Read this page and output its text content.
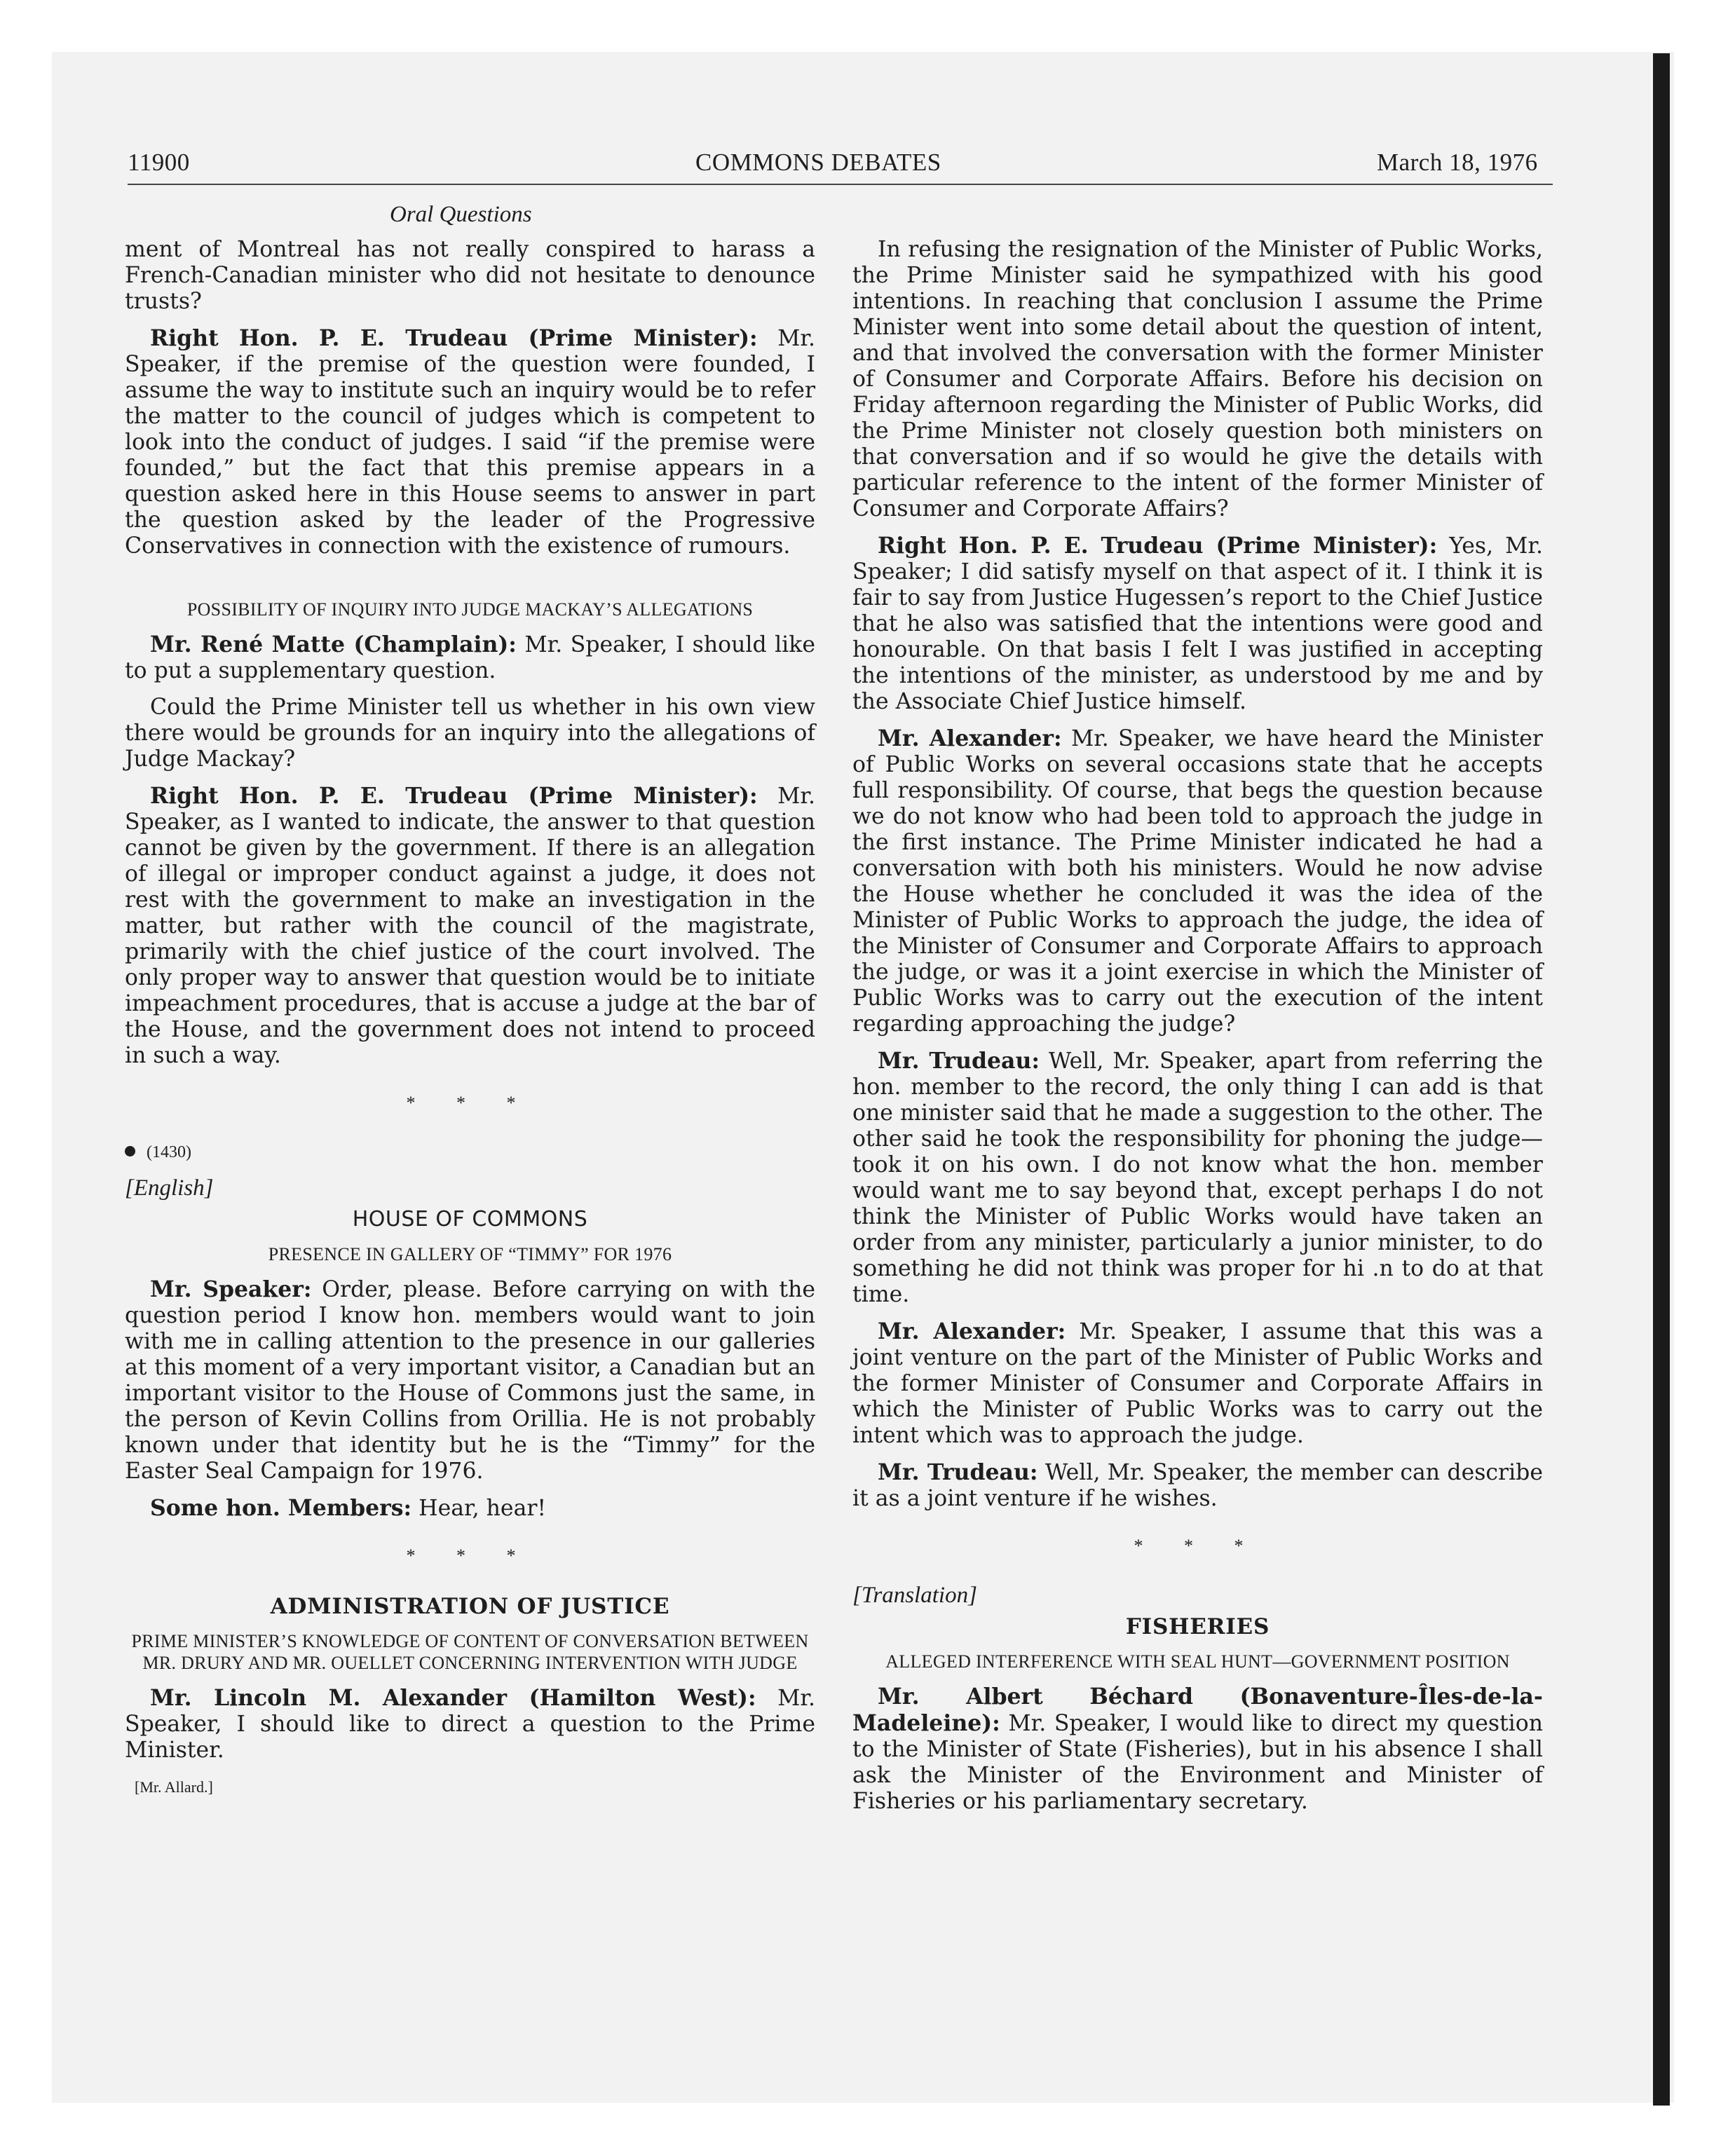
11900	COMMONS DEBATES	March 18, 1976
Oral Questions

ment of Montreal has not really conspired to harass a French-Canadian minister who did not hesitate to denounce trusts?

Right Hon. P. E. Trudeau (Prime Minister): Mr. Speaker, if the premise of the question were founded, I assume the way to institute such an inquiry would be to refer the matter to the council of judges which is competent to look into the conduct of judges. I said “if the premise were founded,” but the fact that this premise appears in a question asked here in this House seems to answer in part the question asked by the leader of the Progressive Conservatives in connection with the existence of rumours.

POSSIBILITY OF INQUIRY INTO JUDGE MACKAY’S ALLEGATIONS

Mr. René Matte (Champlain): Mr. Speaker, I should like to put a supplementary question.

Could the Prime Minister tell us whether in his own view there would be grounds for an inquiry into the allegations of Judge Mackay?

Right Hon. P. E. Trudeau (Prime Minister): Mr. Speaker, as I wanted to indicate, the answer to that question cannot be given by the government. If there is an allegation of illegal or improper conduct against a judge, it does not rest with the government to make an investigation in the matter, but rather with the council of the magistrate, primarily with the chief justice of the court involved. The only proper way to answer that question would be to initiate impeachment procedures, that is accuse a judge at the bar of the House, and the government does not intend to proceed in such a way.

* * *
(1430)
[English]
HOUSE OF COMMONS
PRESENCE IN GALLERY OF “TIMMY” FOR 1976

Mr. Speaker: Order, please. Before carrying on with the question period I know hon. members would want to join with me in calling attention to the presence in our galleries at this moment of a very important visitor, a Canadian but an important visitor to the House of Commons just the same, in the person of Kevin Collins from Orillia. He is not probably known under that identity but he is the “Timmy” for the Easter Seal Campaign for 1976.

Some hon. Members: Hear, hear!

* * *
ADMINISTRATION OF JUSTICE
PRIME MINISTER’S KNOWLEDGE OF CONTENT OF CONVERSATION BETWEEN MR. DRURY AND MR. OUELLET CONCERNING INTERVENTION WITH JUDGE

Mr. Lincoln M. Alexander (Hamilton West): Mr. Speaker, I should like to direct a question to the Prime Minister.

[Mr. Allard.]

In refusing the resignation of the Minister of Public Works, the Prime Minister said he sympathized with his good intentions. In reaching that conclusion I assume the Prime Minister went into some detail about the question of intent, and that involved the conversation with the former Minister of Consumer and Corporate Affairs. Before his decision on Friday afternoon regarding the Minister of Public Works, did the Prime Minister not closely question both ministers on that conversation and if so would he give the details with particular reference to the intent of the former Minister of Consumer and Corporate Affairs?

Right Hon. P. E. Trudeau (Prime Minister): Yes, Mr. Speaker; I did satisfy myself on that aspect of it. I think it is fair to say from Justice Hugessen’s report to the Chief Justice that he also was satisfied that the intentions were good and honourable. On that basis I felt I was justified in accepting the intentions of the minister, as understood by me and by the Associate Chief Justice himself.

Mr. Alexander: Mr. Speaker, we have heard the Minister of Public Works on several occasions state that he accepts full responsibility. Of course, that begs the question because we do not know who had been told to approach the judge in the first instance. The Prime Minister indicated he had a conversation with both his ministers. Would he now advise the House whether he concluded it was the idea of the Minister of Public Works to approach the judge, the idea of the Minister of Consumer and Corporate Affairs to approach the judge, or was it a joint exercise in which the Minister of Public Works was to carry out the execution of the intent regarding approaching the judge?

Mr. Trudeau: Well, Mr. Speaker, apart from referring the hon. member to the record, the only thing I can add is that one minister said that he made a suggestion to the other. The other said he took the responsibility for phoning the judge—took it on his own. I do not know what the hon. member would want me to say beyond that, except perhaps I do not think the Minister of Public Works would have taken an order from any minister, particularly a junior minister, to do something he did not think was proper for hi .n to do at that time.

Mr. Alexander: Mr. Speaker, I assume that this was a joint venture on the part of the Minister of Public Works and the former Minister of Consumer and Corporate Affairs in which the Minister of Public Works was to carry out the intent which was to approach the judge.

Mr. Trudeau: Well, Mr. Speaker, the member can describe it as a joint venture if he wishes.

* * *
[Translation]
FISHERIES
ALLEGED INTERFERENCE WITH SEAL HUNT—GOVERNMENT POSITION

Mr. Albert Béchard (Bonaventure-Îles-de-la-Madeleine): Mr. Speaker, I would like to direct my question to the Minister of State (Fisheries), but in his absence I shall ask the Minister of the Environment and Minister of Fisheries or his parliamentary secretary.
